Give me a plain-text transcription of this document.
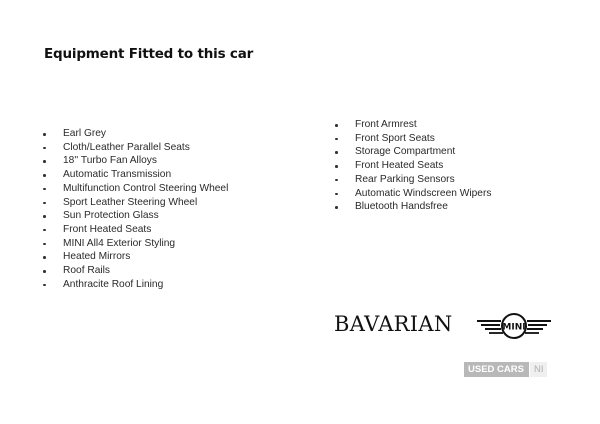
Equipment Fitted to this car
Earl Grey
Cloth/Leather Parallel Seats
18'' Turbo Fan Alloys
Automatic Transmission
Multifunction Control Steering Wheel
Sport Leather Steering Wheel
Sun Protection Glass
Front Heated Seats
MINI All4 Exterior Styling
Heated Mirrors
Roof Rails
Anthracite Roof Lining
Front Armrest
Front Sport Seats
Storage Compartment
Front Heated Seats
Rear Parking Sensors
Automatic Windscreen Wipers
Bluetooth Handsfree
BAVARIAN	MINI
USED CARS	NI
